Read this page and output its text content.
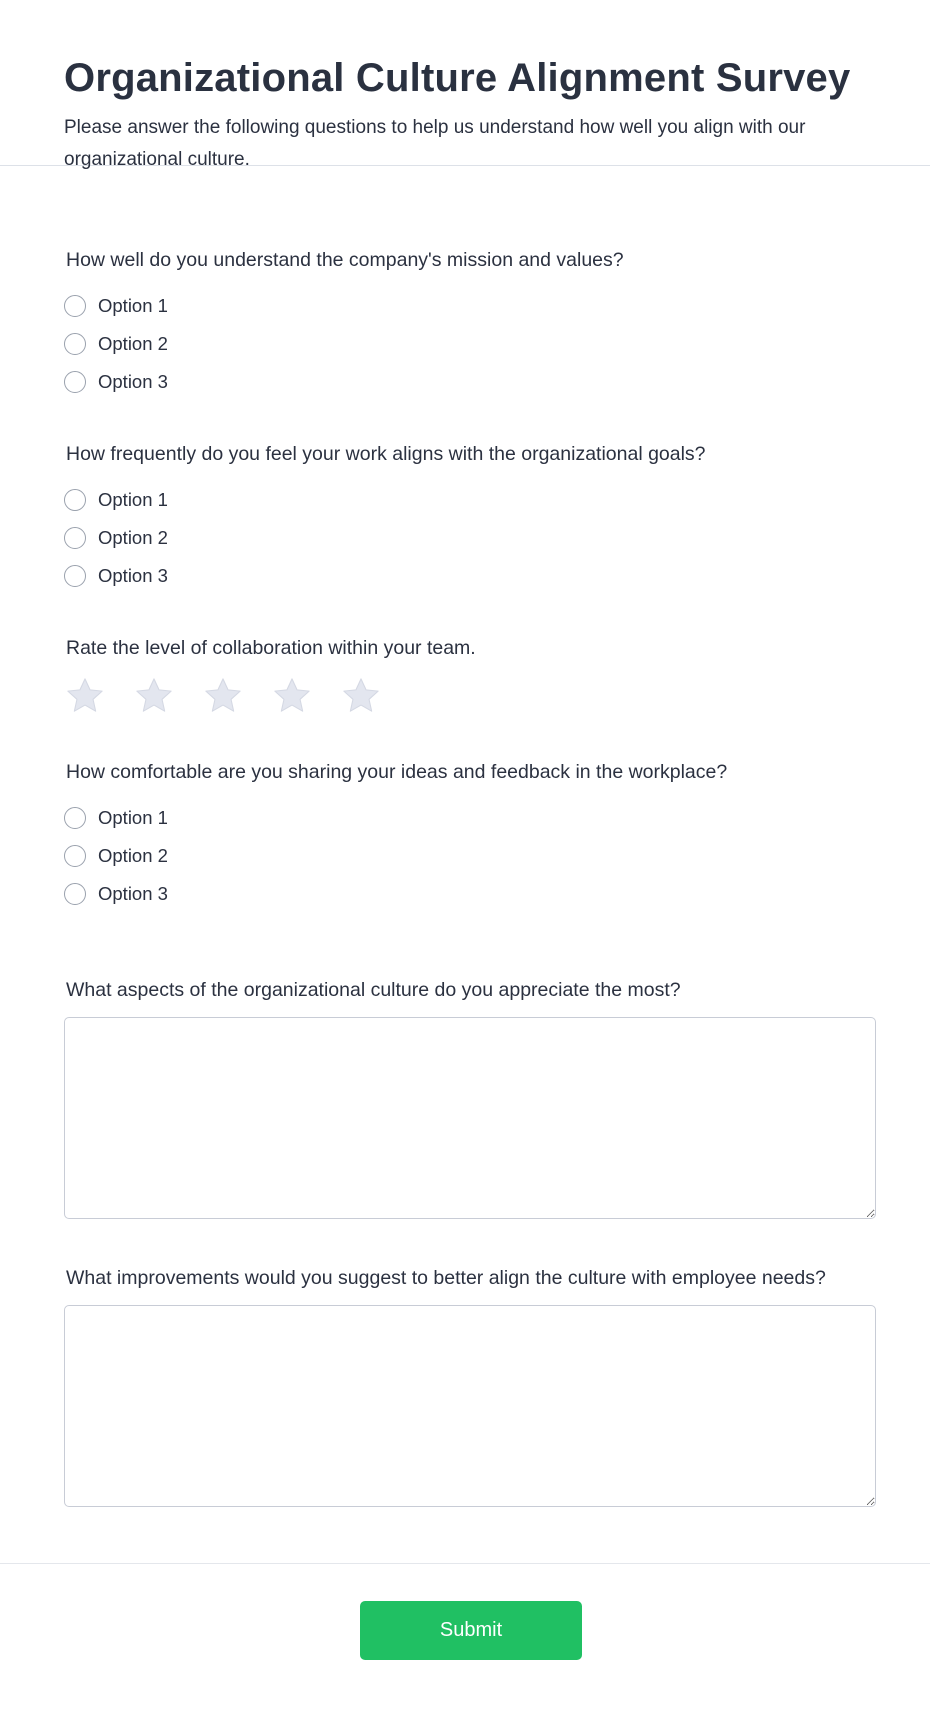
Organizational Culture Alignment Survey

Please answer the following questions to help us understand how well you align with our organizational culture.

How well do you understand the company's mission and values?

Option 1
Option 2
Option 3

How frequently do you feel your work aligns with the organizational goals?

Option 1
Option 2
Option 3

Rate the level of collaboration within your team.

How comfortable are you sharing your ideas and feedback in the workplace?

Option 1
Option 2
Option 3

What aspects of the organizational culture do you appreciate the most?

What improvements would you suggest to better align the culture with employee needs?

Submit
